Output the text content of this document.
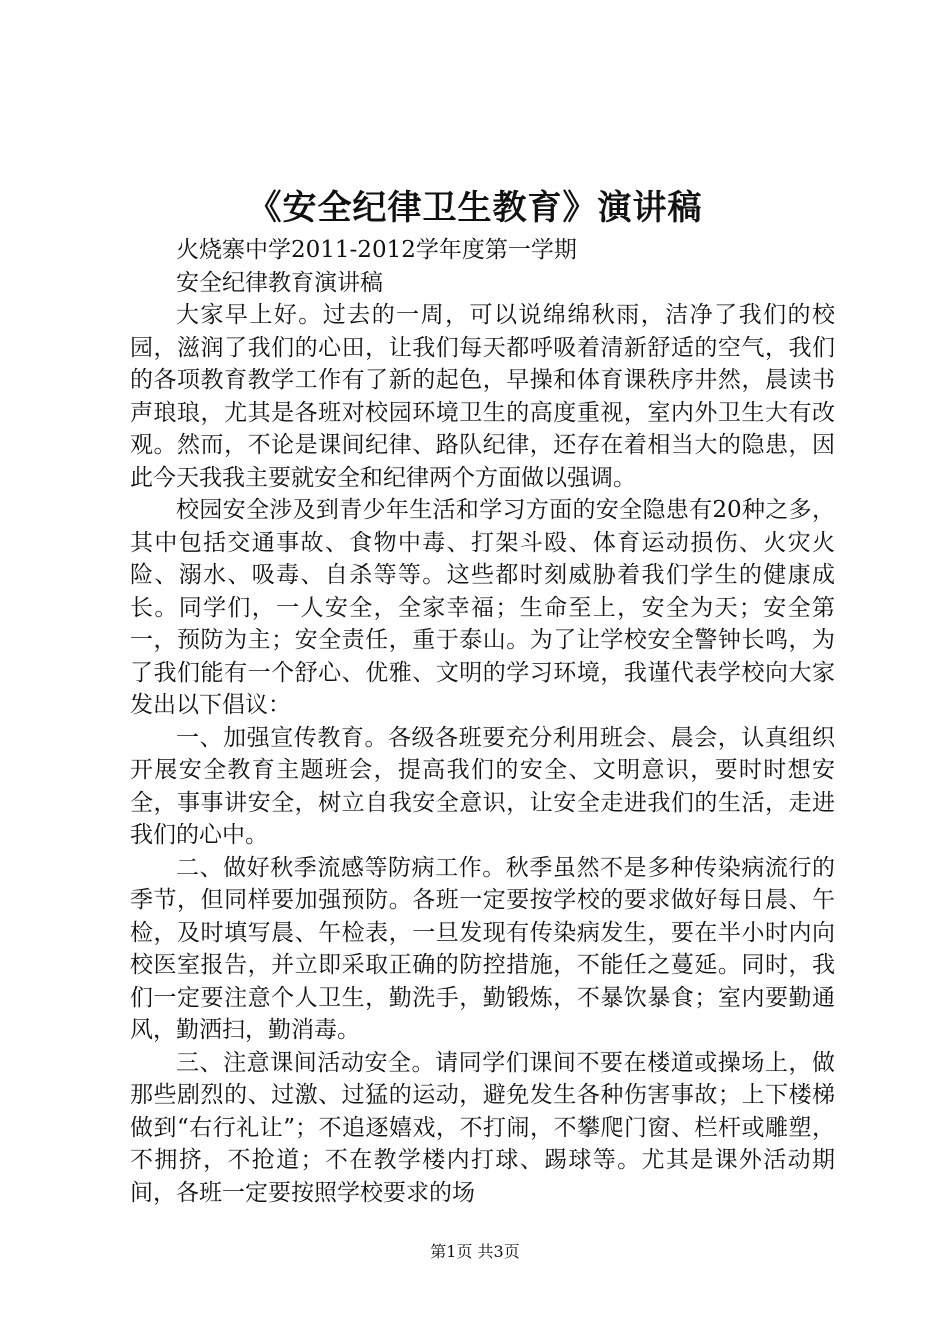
《安全纪律卫生教育》演讲稿

火烧寨中学2011-2012学年度第一学期

安全纪律教育演讲稿

大家早上好。过去的一周，可以说绵绵秋雨，洁净了我们的校园，滋润了我们的心田，让我们每天都呼吸着清新舒适的空气，我们的各项教育教学工作有了新的起色，早操和体育课秩序井然，晨读书声琅琅，尤其是各班对校园环境卫生的高度重视，室内外卫生大有改观。然而，不论是课间纪律、路队纪律，还存在着相当大的隐患，因此今天我我主要就安全和纪律两个方面做以强调。

校园安全涉及到青少年生活和学习方面的安全隐患有20种之多，其中包括交通事故、食物中毒、打架斗殴、体育运动损伤、火灾火险、溺水、吸毒、自杀等等。这些都时刻威胁着我们学生的健康成长。同学们，一人安全，全家幸福；生命至上，安全为天；安全第一，预防为主；安全责任，重于泰山。为了让学校安全警钟长鸣，为了我们能有一个舒心、优雅、文明的学习环境，我谨代表学校向大家发出以下倡议：

一、加强宣传教育。各级各班要充分利用班会、晨会，认真组织开展安全教育主题班会，提高我们的安全、文明意识，要时时想安全，事事讲安全，树立自我安全意识，让安全走进我们的生活，走进我们的心中。

二、做好秋季流感等防病工作。秋季虽然不是多种传染病流行的季节，但同样要加强预防。各班一定要按学校的要求做好每日晨、午检，及时填写晨、午检表，一旦发现有传染病发生，要在半小时内向校医室报告，并立即采取正确的防控措施，不能任之蔓延。同时，我们一定要注意个人卫生，勤洗手，勤锻炼，不暴饮暴食；室内要勤通风，勤洒扫，勤消毒。

三、注意课间活动安全。请同学们课间不要在楼道或操场上，做那些剧烈的、过激、过猛的运动，避免发生各种伤害事故；上下楼梯做到“右行礼让”；不追逐嬉戏，不打闹，不攀爬门窗、栏杆或雕塑，不拥挤，不抢道；不在教学楼内打球、踢球等。尤其是课外活动期间，各班一定要按照学校要求的场

第1页 共3页
